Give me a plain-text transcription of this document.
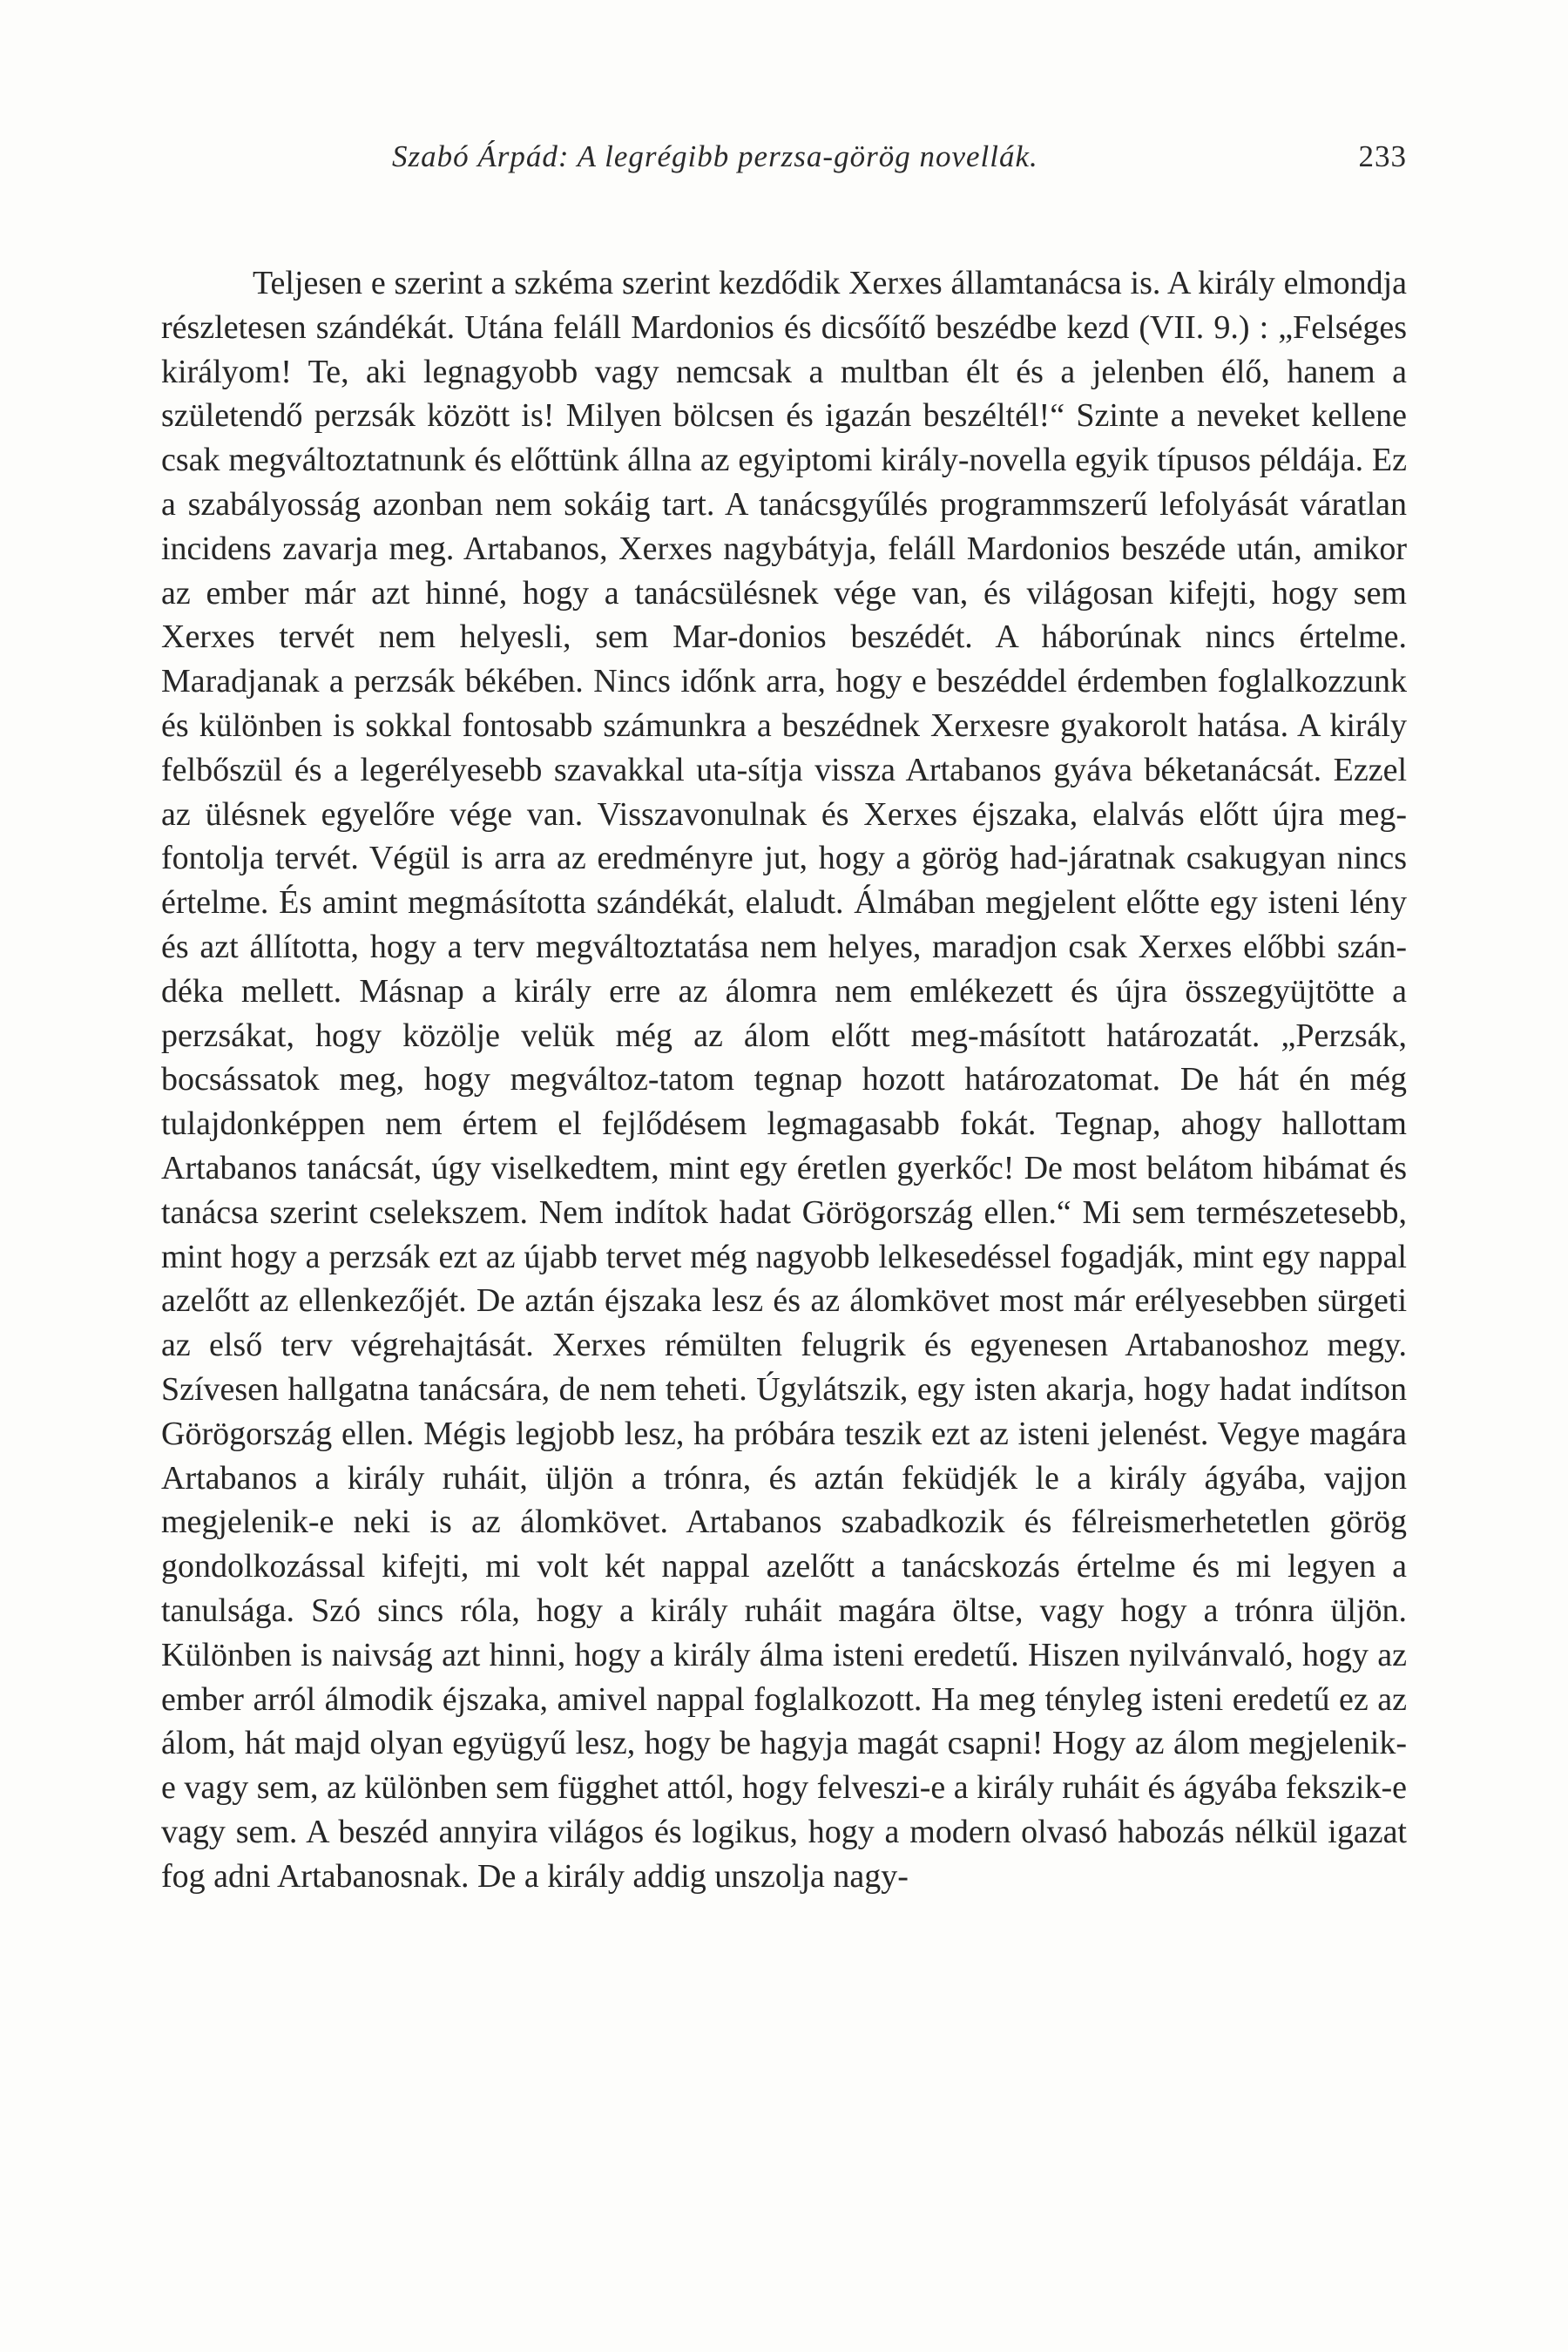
Szabó Árpád: A legrégibb perzsa-görög novellák.	233

Teljesen e szerint a szkéma szerint kezdődik Xerxes államtanácsa is. A király elmondja részletesen szándékát. Utána feláll Mardonios és dicsőítő beszédbe kezd (VII. 9.) : „Felséges királyom! Te, aki legnagyobb vagy nemcsak a multban élt és a jelenben élő, hanem a születendő perzsák között is! Milyen bölcsen és igazán beszéltél!“ Szinte a neveket kellene csak megváltoztatnunk és előttünk állna az egyiptomi király-novella egyik típusos példája. Ez a szabályosság azonban nem sokáig tart. A tanácsgyűlés programmszerű lefolyását váratlan incidens zavarja meg. Artabanos, Xerxes nagybátyja, feláll Mardonios beszéde után, amikor az ember már azt hinné, hogy a tanácsülésnek vége van, és világosan kifejti, hogy sem Xerxes tervét nem helyesli, sem Mar-donios beszédét. A háborúnak nincs értelme. Maradjanak a perzsák békében. Nincs időnk arra, hogy e beszéddel érdemben foglalkozzunk és különben is sokkal fontosabb számunkra a beszédnek Xerxesre gyakorolt hatása. A király felbőszül és a legerélyesebb szavakkal uta-sítja vissza Artabanos gyáva béketanácsát. Ezzel az ülésnek egyelőre vége van. Visszavonulnak és Xerxes éjszaka, elalvás előtt újra meg-fontolja tervét. Végül is arra az eredményre jut, hogy a görög had-járatnak csakugyan nincs értelme. És amint megmásította szándékát, elaludt. Álmában megjelent előtte egy isteni lény és azt állította, hogy a terv megváltoztatása nem helyes, maradjon csak Xerxes előbbi szán-déka mellett. Másnap a király erre az álomra nem emlékezett és újra összegyüjtötte a perzsákat, hogy közölje velük még az álom előtt meg-másított határozatát. „Perzsák, bocsássatok meg, hogy megváltoz-tatom tegnap hozott határozatomat. De hát én még tulajdonképpen nem értem el fejlődésem legmagasabb fokát. Tegnap, ahogy hallottam Artabanos tanácsát, úgy viselkedtem, mint egy éretlen gyerkőc! De most belátom hibámat és tanácsa szerint cselekszem. Nem indítok hadat Görögország ellen.“ Mi sem természetesebb, mint hogy a perzsák ezt az újabb tervet még nagyobb lelkesedéssel fogadják, mint egy nappal azelőtt az ellenkezőjét. De aztán éjszaka lesz és az álomkövet most már erélyesebben sürgeti az első terv végrehajtását. Xerxes rémülten felugrik és egyenesen Artabanoshoz megy. Szívesen hallgatna tanácsára, de nem teheti. Úgylátszik, egy isten akarja, hogy hadat indítson Görögország ellen. Mégis legjobb lesz, ha próbára teszik ezt az isteni jelenést. Vegye magára Artabanos a király ruháit, üljön a trónra, és aztán feküdjék le a király ágyába, vajjon megjelenik-e neki is az álomkövet. Artabanos szabadkozik és félreismerhetetlen görög gondolkozással kifejti, mi volt két nappal azelőtt a tanácskozás értelme és mi legyen a tanulsága. Szó sincs róla, hogy a király ruháit magára öltse, vagy hogy a trónra üljön. Különben is naivság azt hinni, hogy a király álma isteni eredetű. Hiszen nyilvánvaló, hogy az ember arról álmodik éjszaka, amivel nappal foglalkozott. Ha meg tényleg isteni eredetű ez az álom, hát majd olyan együgyű lesz, hogy be hagyja magát csapni! Hogy az álom megjelenik-e vagy sem, az különben sem függhet attól, hogy felveszi-e a király ruháit és ágyába fekszik-e vagy sem. A beszéd annyira világos és logikus, hogy a modern olvasó habozás nélkül igazat fog adni Artabanosnak. De a király addig unszolja nagy-
